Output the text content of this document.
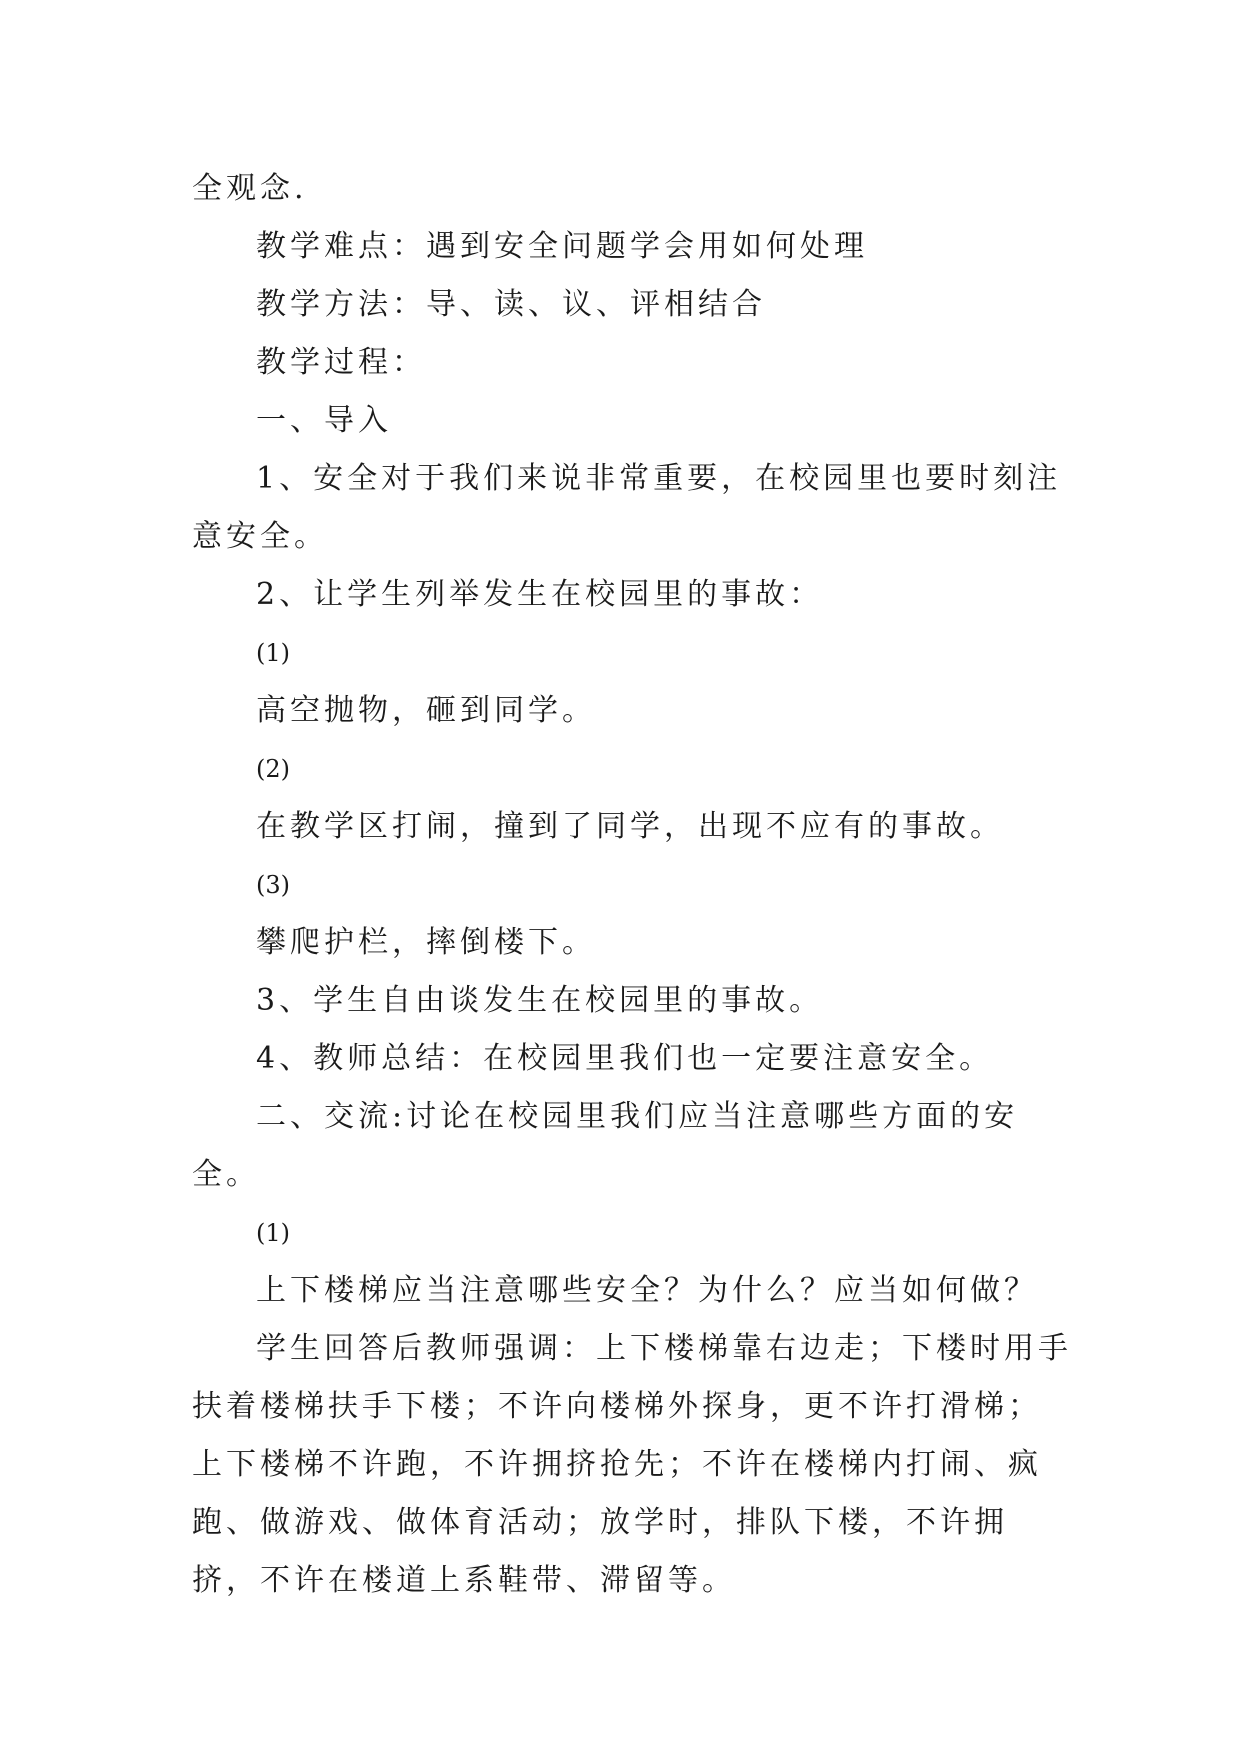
全观念.

教学难点：遇到安全问题学会用如何处理

教学方法：导、读、议、评相结合

教学过程：

一、导入

1、安全对于我们来说非常重要，在校园里也要时刻注意安全。

2、让学生列举发生在校园里的事故：

(1)

高空抛物，砸到同学。

(2)

在教学区打闹，撞到了同学，出现不应有的事故。

(3)

攀爬护栏，摔倒楼下。

3、学生自由谈发生在校园里的事故。

4、教师总结：在校园里我们也一定要注意安全。

二、交流:讨论在校园里我们应当注意哪些方面的安全。

(1)

上下楼梯应当注意哪些安全？为什么？应当如何做？

学生回答后教师强调：上下楼梯靠右边走；下楼时用手扶着楼梯扶手下楼；不许向楼梯外探身，更不许打滑梯；上下楼梯不许跑，不许拥挤抢先；不许在楼梯内打闹、疯跑、做游戏、做体育活动；放学时，排队下楼，不许拥挤，不许在楼道上系鞋带、滞留等。
